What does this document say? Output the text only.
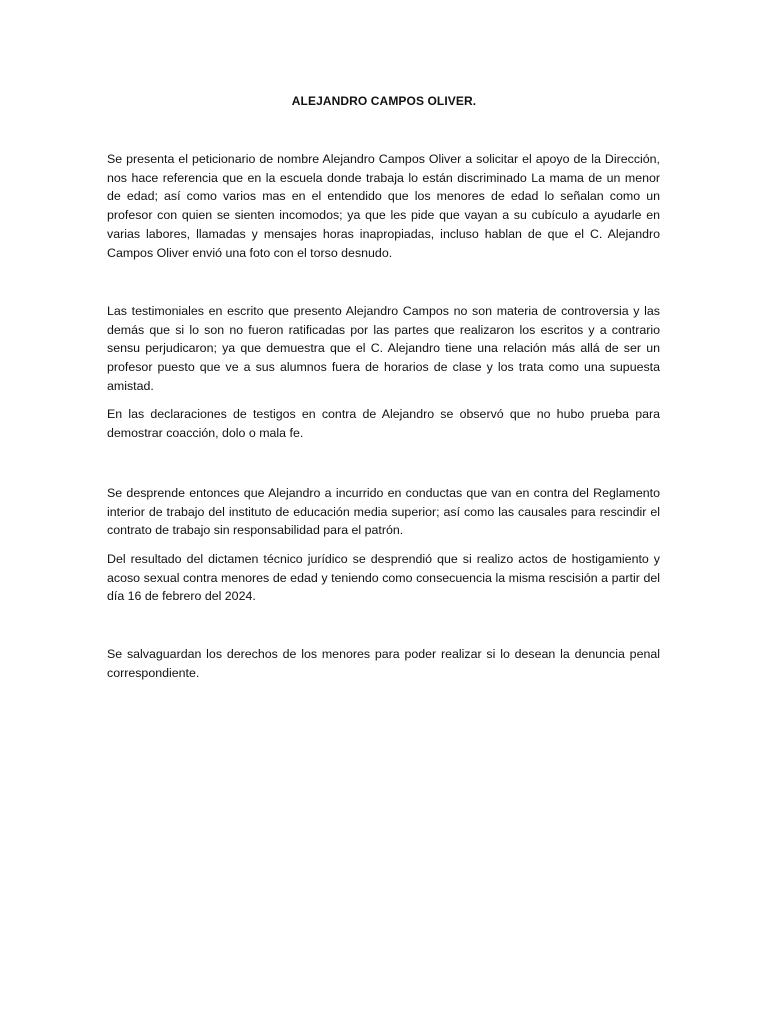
ALEJANDRO CAMPOS OLIVER.

Se presenta el peticionario de nombre Alejandro Campos Oliver a solicitar el apoyo de la Dirección, nos hace referencia que en la escuela donde trabaja lo están discriminado La mama de un menor de edad; así como varios mas en el entendido que los menores de edad lo señalan como un profesor con quien se sienten incomodos; ya que les pide que vayan a su cubículo a ayudarle en varias labores, llamadas y mensajes horas inapropiadas, incluso hablan de que el C. Alejandro Campos Oliver envió una foto con el torso desnudo.

Las testimoniales en escrito que presento Alejandro Campos no son materia de controversia y las demás que si lo son no fueron ratificadas por las partes que realizaron los escritos y a contrario sensu perjudicaron; ya que demuestra que el C. Alejandro tiene una relación más allá de ser un profesor puesto que ve a sus alumnos fuera de horarios de clase y los trata como una supuesta amistad.

En las declaraciones de testigos en contra de Alejandro se observó que no hubo prueba para demostrar coacción, dolo o mala fe.

Se desprende entonces que Alejandro a incurrido en conductas que van en contra del Reglamento interior de trabajo del instituto de educación media superior; así como las causales para rescindir el contrato de trabajo sin responsabilidad para el patrón.

Del resultado del dictamen técnico jurídico se desprendió que si realizo actos de hostigamiento y acoso sexual contra menores de edad y teniendo como consecuencia la misma rescisión a partir del día 16 de febrero del 2024.

Se salvaguardan los derechos de los menores para poder realizar si lo desean la denuncia penal correspondiente.
